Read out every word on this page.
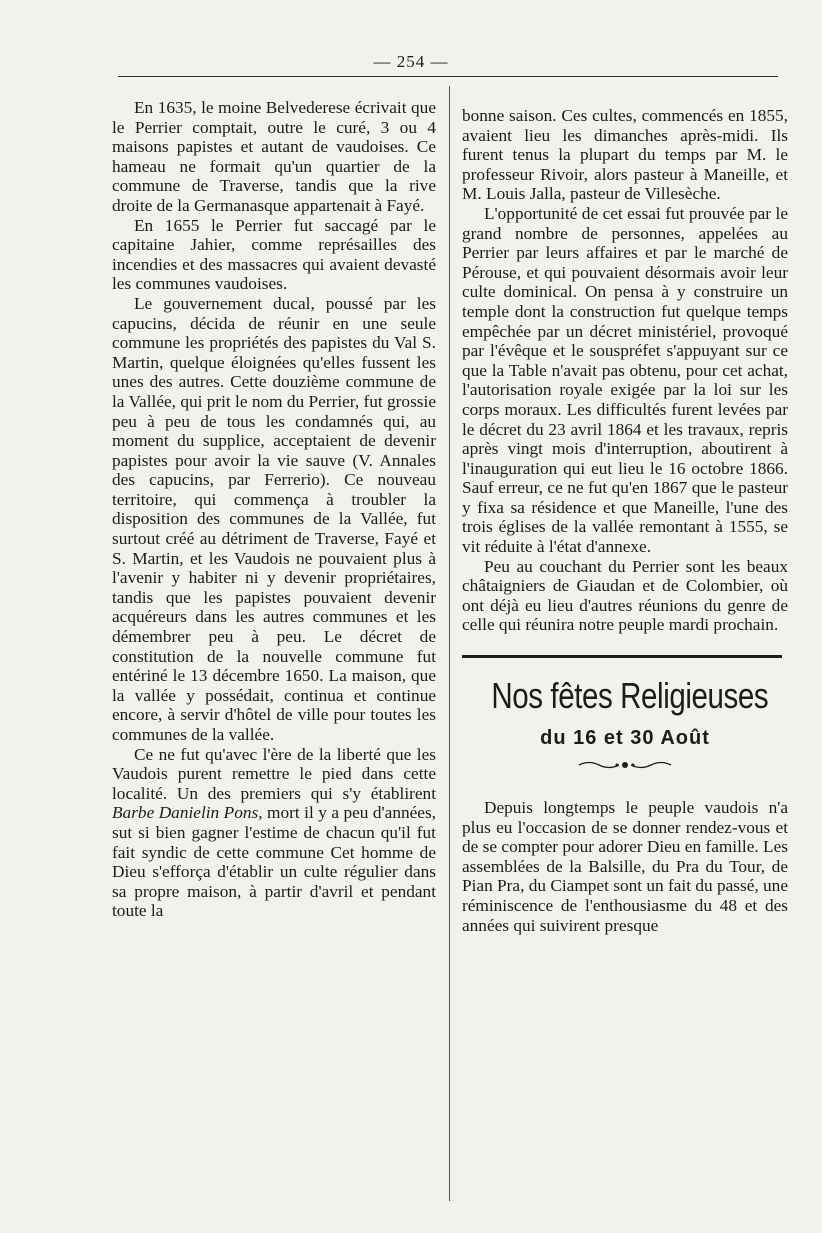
— 254 —

En 1635, le moine Belvederese écrivait que le Perrier comptait, outre le curé, 3 ou 4 maisons papistes et autant de vaudoises. Ce hameau ne formait qu'un quartier de la commune de Traverse, tandis que la rive droite de la Germanasque appartenait à Fayé.

En 1655 le Perrier fut saccagé par le capitaine Jahier, comme représailles des incendies et des massacres qui avaient devasté les communes vaudoises.

Le gouvernement ducal, poussé par les capucins, décida de réunir en une seule commune les propriétés des papistes du Val S. Martin, quelque éloignées qu'elles fussent les unes des autres. Cette douzième commune de la Vallée, qui prit le nom du Perrier, fut grossie peu à peu de tous les condamnés qui, au moment du supplice, acceptaient de devenir papistes pour avoir la vie sauve (V. Annales des capucins, par Ferrerio). Ce nouveau territoire, qui commença à troubler la disposition des communes de la Vallée, fut surtout créé au détriment de Traverse, Fayé et S. Martin, et les Vaudois ne pouvaient plus à l'avenir y habiter ni y devenir propriétaires, tandis que les papistes pouvaient devenir acquéreurs dans les autres communes et les démembrer peu à peu. Le décret de constitution de la nouvelle commune fut entériné le 13 décembre 1650. La maison, que la vallée y possédait, continua et continue encore, à servir d'hôtel de ville pour toutes les communes de la vallée.

Ce ne fut qu'avec l'ère de la liberté que les Vaudois purent remettre le pied dans cette localité. Un des premiers qui s'y établirent Barbe Danielin Pons, mort il y a peu d'années, sut si bien gagner l'estime de chacun qu'il fut fait syndic de cette commune Cet homme de Dieu s'efforça d'établir un culte régulier dans sa propre maison, à partir d'avril et pendant toute la

bonne saison. Ces cultes, commencés en 1855, avaient lieu les dimanches après-midi. Ils furent tenus la plupart du temps par M. le professeur Rivoir, alors pasteur à Maneille, et M. Louis Jalla, pasteur de Villesèche.

L'opportunité de cet essai fut prouvée par le grand nombre de personnes, appelées au Perrier par leurs affaires et par le marché de Pérouse, et qui pouvaient désormais avoir leur culte dominical. On pensa à y construire un temple dont la construction fut quelque temps empêchée par un décret ministériel, provoqué par l'évêque et le souspréfet s'appuyant sur ce que la Table n'avait pas obtenu, pour cet achat, l'autorisation royale exigée par la loi sur les corps moraux. Les difficultés furent levées par le décret du 23 avril 1864 et les travaux, repris après vingt mois d'interruption, aboutirent à l'inauguration qui eut lieu le 16 octobre 1866. Sauf erreur, ce ne fut qu'en 1867 que le pasteur y fixa sa résidence et que Maneille, l'une des trois églises de la vallée remontant à 1555, se vit réduite à l'état d'annexe.

Peu au couchant du Perrier sont les beaux châtaigniers de Giaudan et de Colombier, où ont déjà eu lieu d'autres réunions du genre de celle qui réunira notre peuple mardi prochain.

Nos fêtes Religieuses
du 16 et 30 Août

Depuis longtemps le peuple vaudois n'a plus eu l'occasion de se donner rendez-vous et de se compter pour adorer Dieu en famille. Les assemblées de la Balsille, du Pra du Tour, de Pian Pra, du Ciampet sont un fait du passé, une réminiscence de l'enthousiasme du 48 et des années qui suivirent presque
